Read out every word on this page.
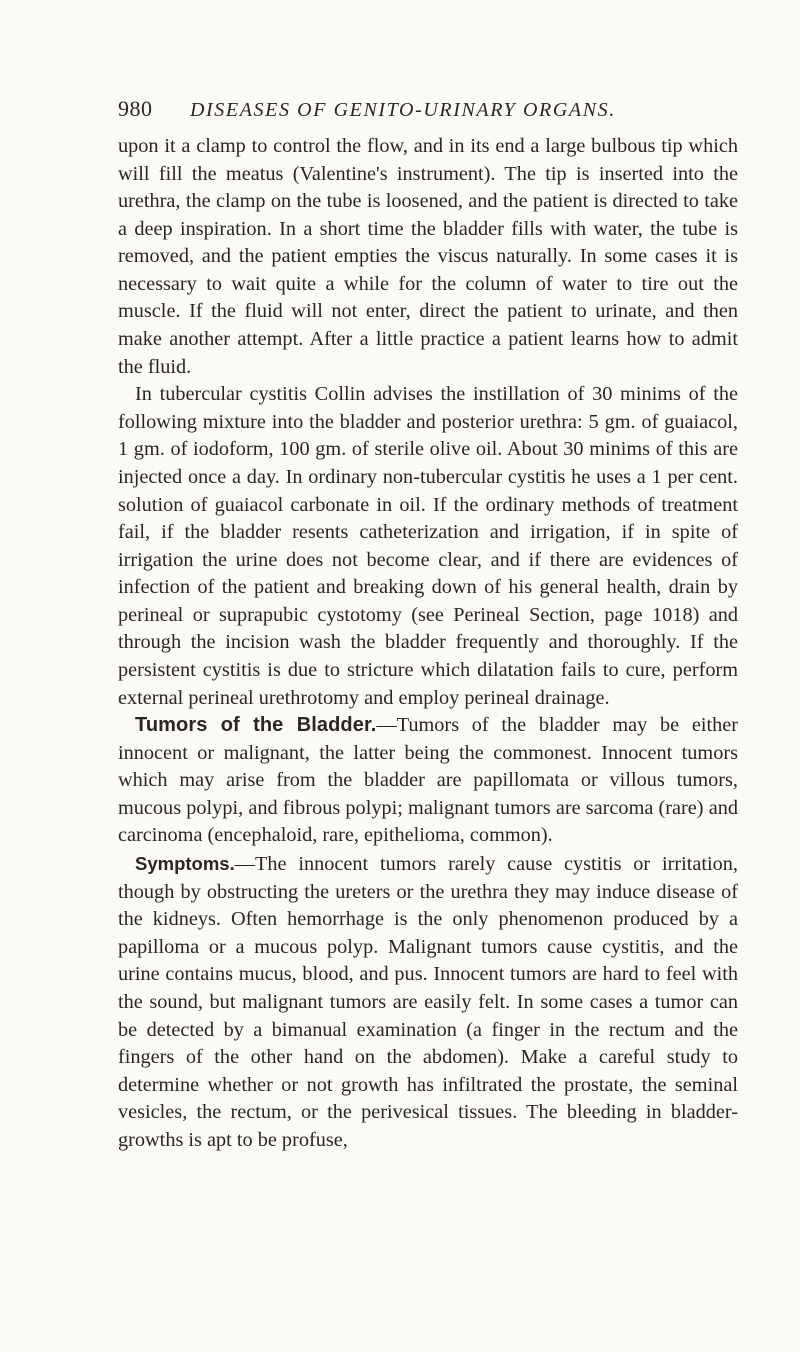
980 DISEASES OF GENITO-URINARY ORGANS.

upon it a clamp to control the flow, and in its end a large bulbous tip which will fill the meatus (Valentine's instrument). The tip is inserted into the urethra, the clamp on the tube is loosened, and the patient is directed to take a deep inspiration. In a short time the bladder fills with water, the tube is removed, and the patient empties the viscus naturally. In some cases it is necessary to wait quite a while for the column of water to tire out the muscle. If the fluid will not enter, direct the patient to urinate, and then make another attempt. After a little practice a patient learns how to admit the fluid.

In tubercular cystitis Collin advises the instillation of 30 minims of the following mixture into the bladder and posterior urethra: 5 gm. of guaiacol, 1 gm. of iodoform, 100 gm. of sterile olive oil. About 30 minims of this are injected once a day. In ordinary non-tubercular cystitis he uses a 1 per cent. solution of guaiacol carbonate in oil. If the ordinary methods of treatment fail, if the bladder resents catheterization and irrigation, if in spite of irrigation the urine does not become clear, and if there are evidences of infection of the patient and breaking down of his general health, drain by perineal or suprapubic cystotomy (see Perineal Section, page 1018) and through the incision wash the bladder frequently and thoroughly. If the persistent cystitis is due to stricture which dilatation fails to cure, perform external perineal urethrotomy and employ perineal drainage.

Tumors of the Bladder.—Tumors of the bladder may be either innocent or malignant, the latter being the commonest. Innocent tumors which may arise from the bladder are papillomata or villous tumors, mucous polypi, and fibrous polypi; malignant tumors are sarcoma (rare) and carcinoma (encephaloid, rare, epithelioma, common).

Symptoms.—The innocent tumors rarely cause cystitis or irritation, though by obstructing the ureters or the urethra they may induce disease of the kidneys. Often hemorrhage is the only phenomenon produced by a papilloma or a mucous polyp. Malignant tumors cause cystitis, and the urine contains mucus, blood, and pus. Innocent tumors are hard to feel with the sound, but malignant tumors are easily felt. In some cases a tumor can be detected by a bimanual examination (a finger in the rectum and the fingers of the other hand on the abdomen). Make a careful study to determine whether or not growth has infiltrated the prostate, the seminal vesicles, the rectum, or the perivesical tissues. The bleeding in bladder-growths is apt to be profuse,
